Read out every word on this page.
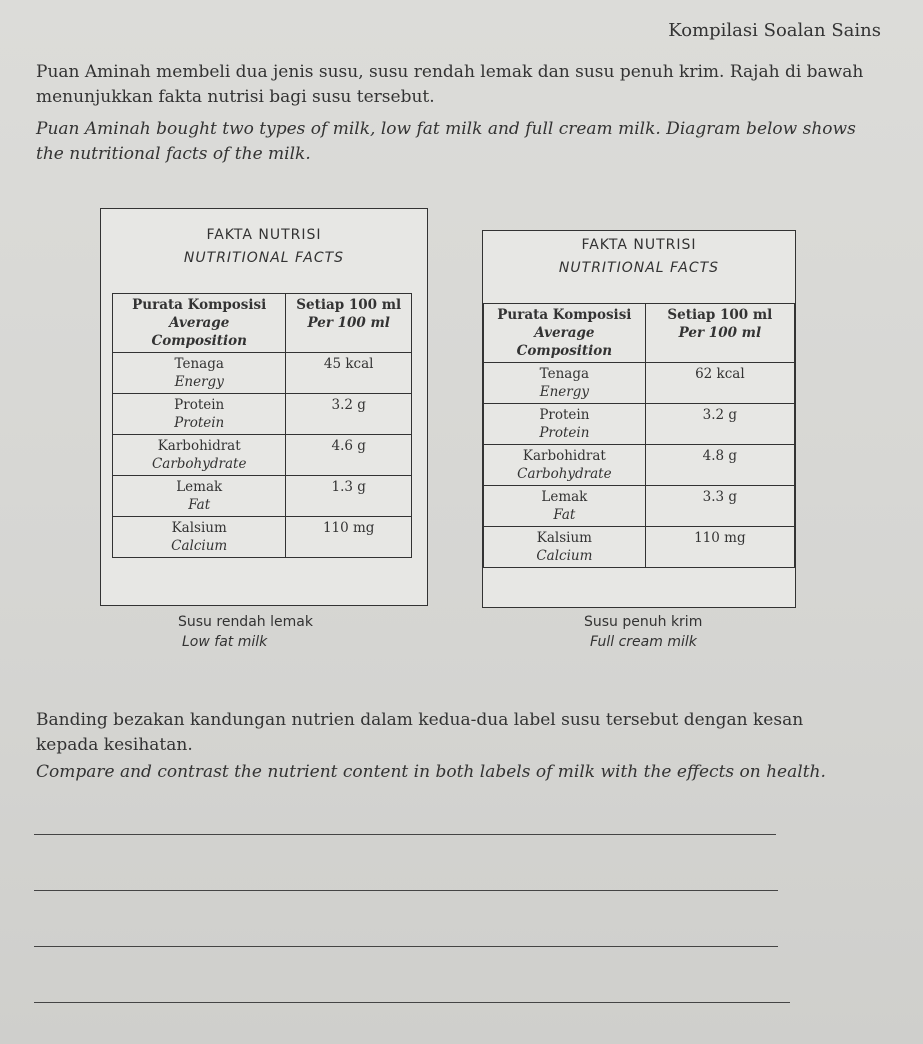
Kompilasi Soalan Sains
Puan Aminah membeli dua jenis susu, susu rendah lemak dan susu penuh krim. Rajah di bawah menunjukkan fakta nutrisi bagi susu tersebut.
Puan Aminah bought two types of milk, low fat milk and full cream milk. Diagram below shows the nutritional facts of the milk.
FAKTA NUTRISI
NUTRITIONAL FACTS
Purata Komposisi
Average
Composition	Setiap 100 ml
Per 100 ml

Tenaga
Energy	45 kcal

Protein
Protein	3.2 g

Karbohidrat
Carbohydrate	4.6 g

Lemak
Fat	1.3 g

Kalsium
Calcium	110 mg
FAKTA NUTRISI
NUTRITIONAL FACTS
Purata Komposisi
Average
Composition	Setiap 100 ml
Per 100 ml

Tenaga
Energy	62 kcal

Protein
Protein	3.2 g

Karbohidrat
Carbohydrate	4.8 g

Lemak
Fat	3.3 g

Kalsium
Calcium	110 mg
Susu rendah lemak
Low fat milk
Susu penuh krim
Full cream milk
Banding bezakan kandungan nutrien dalam kedua-dua label susu tersebut dengan kesan kepada kesihatan.
Compare and contrast the nutrient content in both labels of milk with the effects on health.
